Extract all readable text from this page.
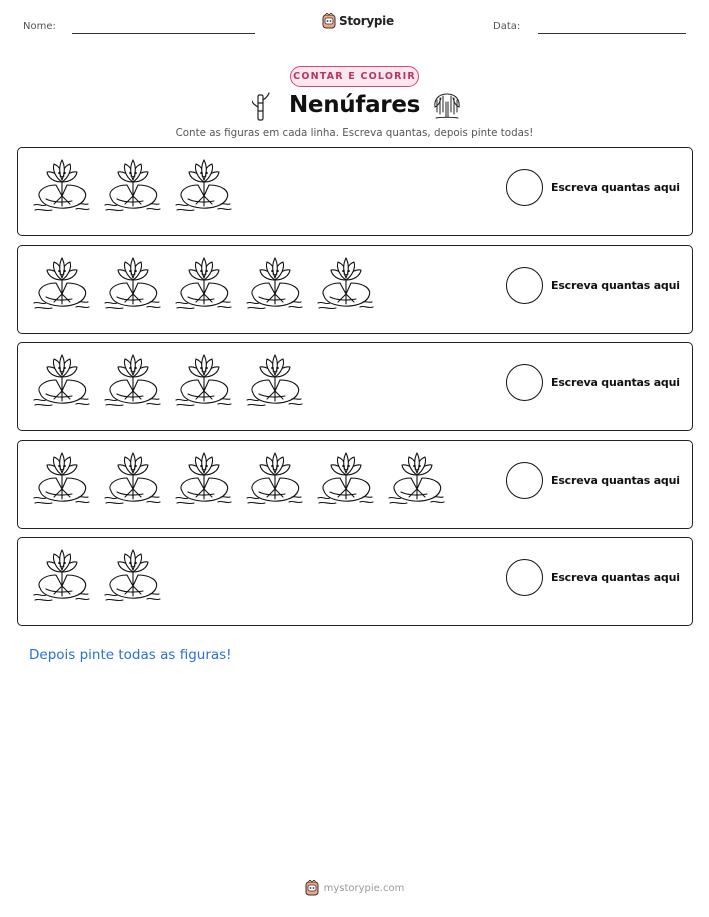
Nome:	Storypie	Data:
CONTAR E COLORIR
Nenúfares
Conte as figuras em cada linha. Escreva quantas, depois pinte todas!
Escreva quantas aqui
Escreva quantas aqui
Escreva quantas aqui
Escreva quantas aqui
Escreva quantas aqui
Depois pinte todas as figuras!
mystorypie.com
